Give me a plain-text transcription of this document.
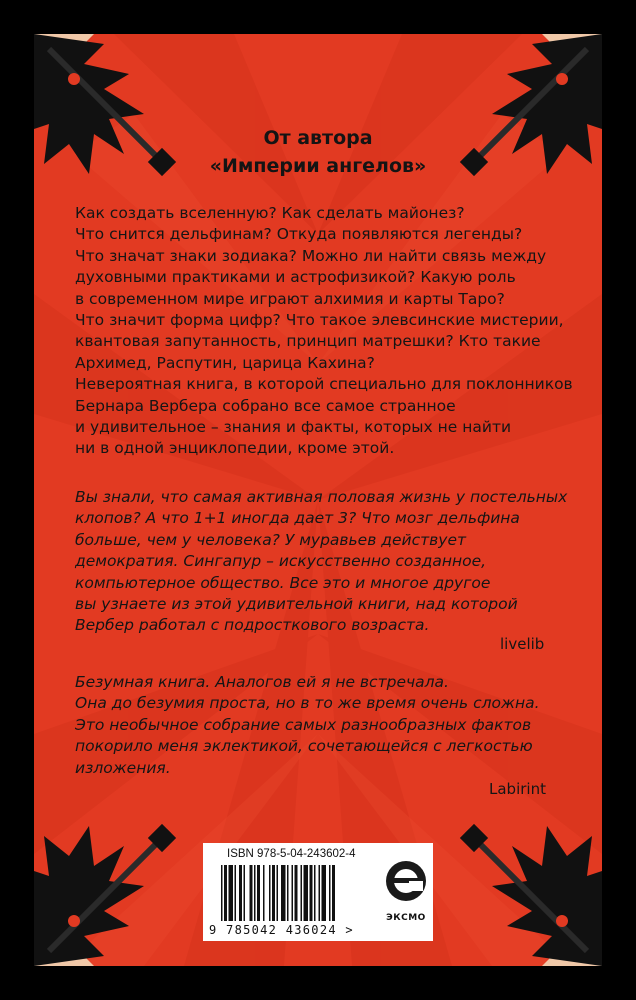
От автора
«Империи ангелов»
Как создать вселенную? Как сделать майонез?
Что снится дельфинам? Откуда появляются легенды?
Что значат знаки зодиака? Можно ли найти связь между
духовными практиками и астрофизикой? Какую роль
в современном мире играют алхимия и карты Таро?
Что значит форма цифр? Что такое элевсинские мистерии,
квантовая запутанность, принцип матрешки? Кто такие
Архимед, Распутин, царица Кахина?
Невероятная книга, в которой специально для поклонников
Бернара Вербера собрано все самое странное
и удивительное – знания и факты, которых не найти
ни в одной энциклопедии, кроме этой.
Вы знали, что самая активная половая жизнь у постельных
клопов? А что 1+1 иногда дает 3? Что мозг дельфина
больше, чем у человека? У муравьев действует
демократия. Сингапур – искусственно созданное,
компьютерное общество. Все это и многое другое
вы узнаете из этой удивительной книги, над которой
Вербер работал с подросткового возраста.
livelib
Безумная книга. Аналогов ей я не встречала.
Она до безумия проста, но в то же время очень сложна.
Это необычное собрание самых разнообразных фактов
покорило меня эклектикой, сочетающейся с легкостью
изложения.
Labirint
ISBN 978-5-04-243602-4
9 785042 436024 >
ЭКСМО
